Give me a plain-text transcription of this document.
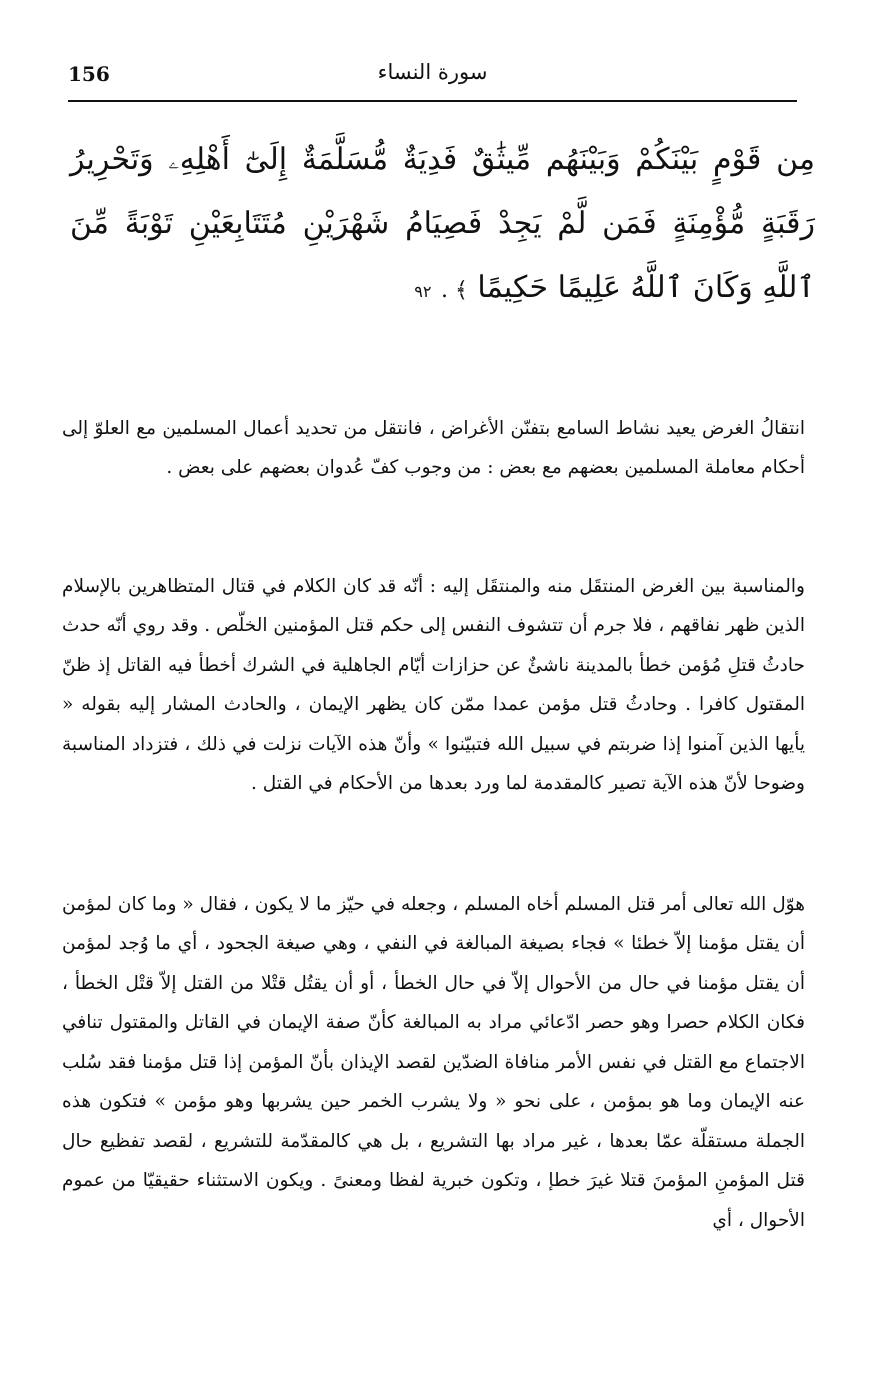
156	سورة النساء
مِن قَوْمٍ بَيْنَكُمْ وَبَيْنَهُم مِّيثَٰقٌ فَدِيَةٌ مُّسَلَّمَةٌ إِلَىٰٓ أَهْلِهِۦ وَتَحْرِيرُ رَقَبَةٍ مُّؤْمِنَةٍ فَمَن لَّمْ يَجِدْ فَصِيَامُ شَهْرَيْنِ مُتَتَابِعَيْنِ تَوْبَةً مِّنَ ٱللَّهِ وَكَانَ ٱللَّهُ عَلِيمًا حَكِيمًا ﴾ . ٩٢

انتقالُ الغرض يعيد نشاط السامع بتفنّن الأغراض ، فانتقل من تحديد أعمال المسلمين مع العلوّ إلى أحكام معاملة المسلمين بعضهم مع بعض : من وجوب كفّ عُدوان بعضهم على بعض .

والمناسبة بين الغرض المنتقَل منه والمنتقَل إليه : أنّه قد كان الكلام في قتال المتظاهرين بالإسلام الذين ظهر نفاقهم ، فلا جرم أن تتشوف النفس إلى حكم قتل المؤمنين الخلّص . وقد روي أنّه حدث حادثُ قتلِ مُؤمن خطأ بالمدينة ناشئٌ عن حزازات أيّام الجاهلية في الشرك أخطأ فيه القاتل إذ ظنّ المقتول كافرا . وحادثُ قتل مؤمن عمدا ممّن كان يظهر الإيمان ، والحادث المشار إليه بقوله « يأيها الذين آمنوا إذا ضربتم في سبيل الله فتبيّنوا » وأنّ هذه الآيات نزلت في ذلك ، فتزداد المناسبة وضوحا لأنّ هذه الآية تصير كالمقدمة لما ورد بعدها من الأحكام في القتل .

هوّل الله تعالى أمر قتل المسلم أخاه المسلم ، وجعله في حيّز ما لا يكون ، فقال « وما كان لمؤمن أن يقتل مؤمنا إلاّ خطئا » فجاء بصيغة المبالغة في النفي ، وهي صيغة الجحود ، أي ما وُجد لمؤمن أن يقتل مؤمنا في حال من الأحوال إلاّ في حال الخطأ ، أو أن يقتُل قتْلا من القتل إلاّ قتْل الخطأ ، فكان الكلام حصرا وهو حصر ادّعائي مراد به المبالغة كأنّ صفة الإيمان في القاتل والمقتول تنافي الاجتماع مع القتل في نفس الأمر منافاة الضدّين لقصد الإيذان بأنّ المؤمن إذا قتل مؤمنا فقد سُلب عنه الإيمان وما هو بمؤمن ، على نحو « ولا يشرب الخمر حين يشربها وهو مؤمن » فتكون هذه الجملة مستقلّة عمّا بعدها ، غير مراد بها التشريع ، بل هي كالمقدّمة للتشريع ، لقصد تفظيع حال قتل المؤمنِ المؤمنَ قتلا غيرَ خطإ ، وتكون خبرية لفظا ومعنىً . ويكون الاستثناء حقيقيّا من عموم الأحوال ، أي
